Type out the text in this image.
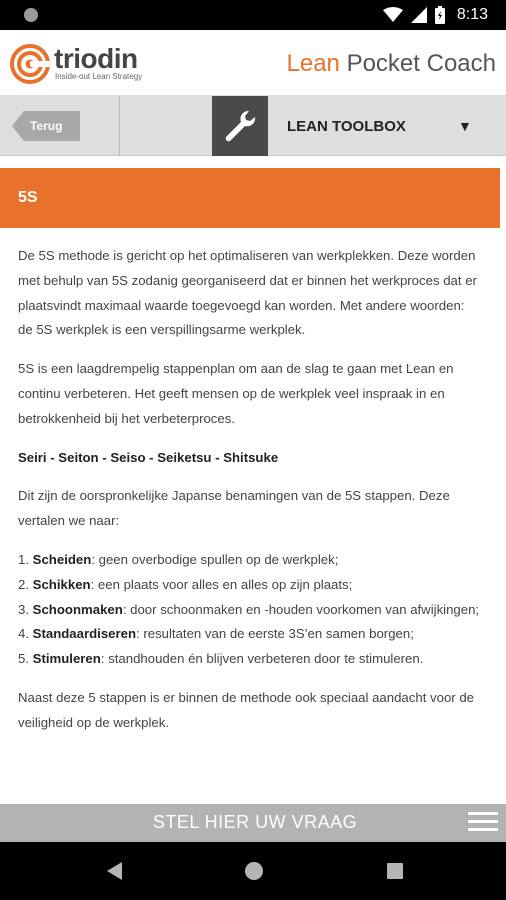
8:13
triodin
Inside-out Lean Strategy	Lean Pocket Coach
Terug	LEAN TOOLBOX	▼
5S

De 5S methode is gericht op het optimaliseren van werkplekken. Deze worden met behulp van 5S zodanig georganiseerd dat er binnen het werkproces dat er plaatsvindt maximaal waarde toegevoegd kan worden. Met andere woorden: de 5S werkplek is een verspillingsarme werkplek.

5S is een laagdrempelig stappenplan om aan de slag te gaan met Lean en continu verbeteren. Het geeft mensen op de werkplek veel inspraak in en betrokkenheid bij het verbeterproces.

Seiri - Seiton - Seiso - Seiketsu - Shitsuke

Dit zijn de oorspronkelijke Japanse benamingen van de 5S stappen. Deze vertalen we naar:

1. Scheiden: geen overbodige spullen op de werkplek;
2. Schikken: een plaats voor alles en alles op zijn plaats;
3. Schoonmaken: door schoonmaken en -houden voorkomen van afwijkingen;
4. Standaardiseren: resultaten van de eerste 3S’en samen borgen;
5. Stimuleren: standhouden én blijven verbeteren door te stimuleren.

Naast deze 5 stappen is er binnen de methode ook speciaal aandacht voor de veiligheid op de werkplek.

STEL HIER UW VRAAG
